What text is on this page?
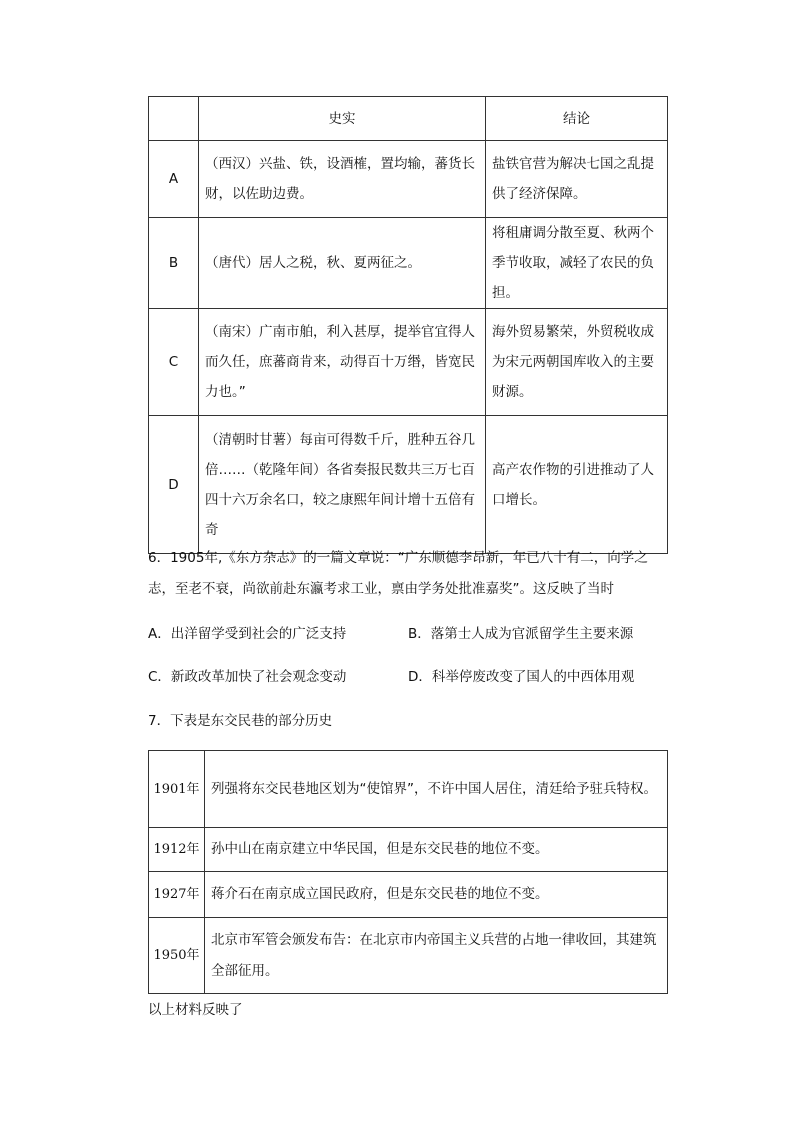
	史实	结论
A	（西汉）兴盐、铁，设酒榷，置均输，蕃货长财，以佐助边费。	盐铁官营为解决七国之乱提供了经济保障。
B	（唐代）居人之税，秋、夏两征之。	将租庸调分散至夏、秋两个季节收取，减轻了农民的负担。
C	（南宋）广南市舶，利入甚厚，提举官宜得人而久任，庶蕃商肯来，动得百十万缗，皆宽民力也。”	海外贸易繁荣，外贸税收成为宋元两朝国库收入的主要财源。
D	（清朝时甘薯）每亩可得数千斤，胜种五谷几倍……（乾隆年间）各省奏报民数共三万七百四十六万余名口，较之康熙年间计增十五倍有奇	高产农作物的引进推动了人口增长。
6．1905年,《东方杂志》的一篇文章说：“广东顺德李昂新，年已八十有二，向学之志，至老不衰，尚欲前赴东瀛考求工业，禀由学务处批准嘉奖”。这反映了当时
A．出洋留学受到社会的广泛支持	B．落第士人成为官派留学生主要来源
C．新政改革加快了社会观念变动	D．科举停废改变了国人的中西体用观
7．下表是东交民巷的部分历史
1901年	列强将东交民巷地区划为“使馆界”，不许中国人居住，清廷给予驻兵特权。
1912年	孙中山在南京建立中华民国，但是东交民巷的地位不变。
1927年	蒋介石在南京成立国民政府，但是东交民巷的地位不变。
1950年	北京市军管会颁发布告：在北京市内帝国主义兵营的占地一律收回，其建筑全部征用。
以上材料反映了
